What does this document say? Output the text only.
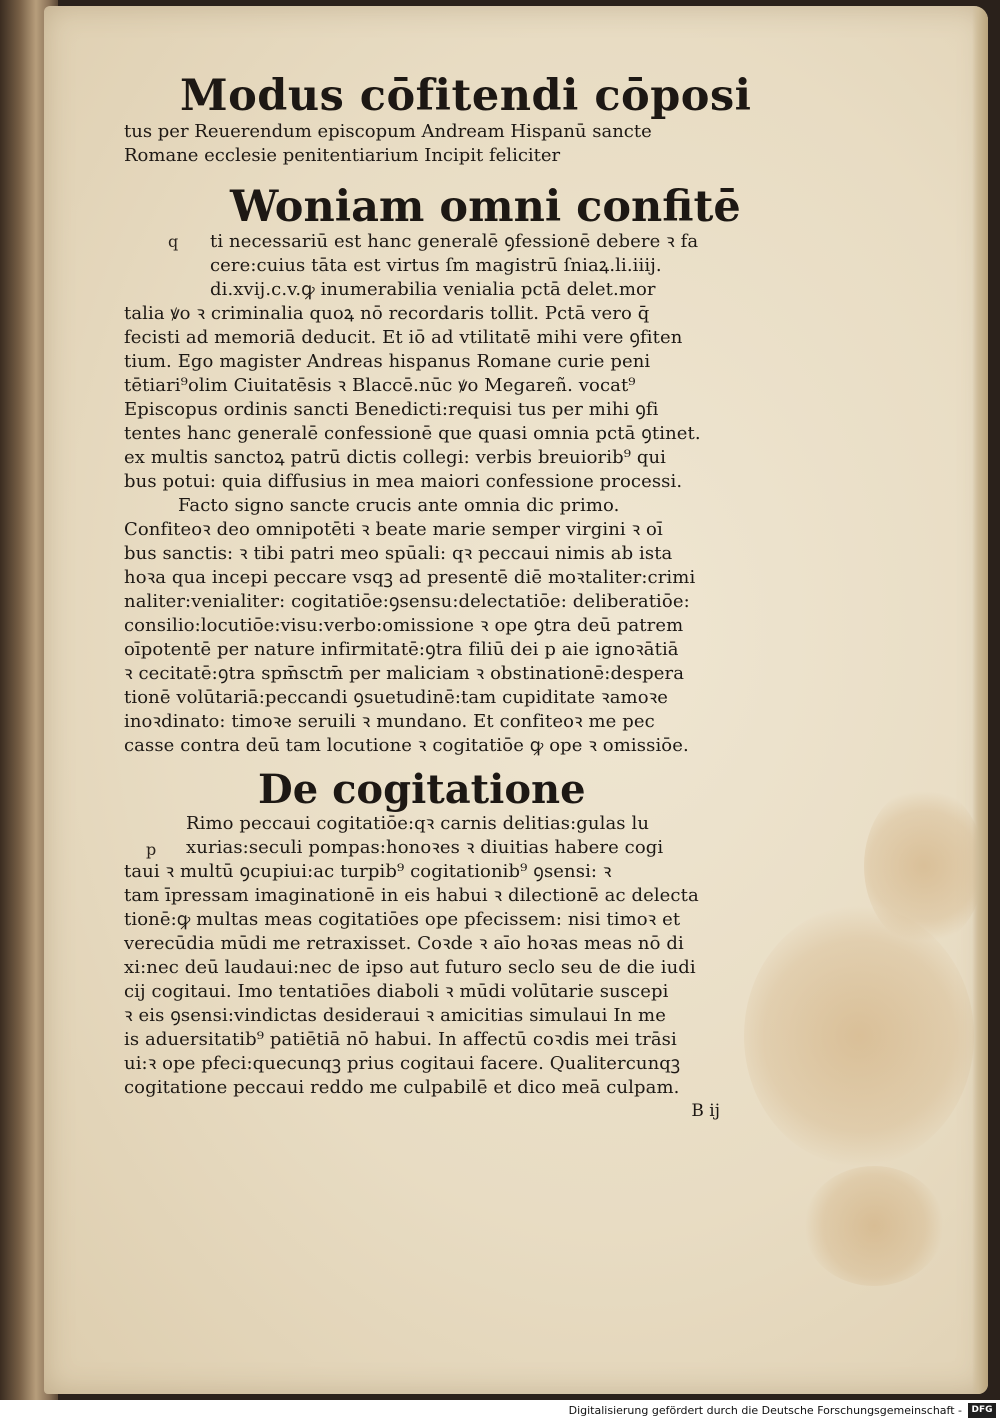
Modus cōfitendi cōposi
tus per Reuerendum episcopum Andream Hispanū sancte
Romane ecclesie penitentiarium Incipit feliciter
Woniam omni confitē
q	ti necessariū est hanc generalē ꝯfessionē debere ꝛ fa
cere:cuius tāta est virtus ſm magistrū ſniaꝝ.li.iiij.
di.xvij.c.v.ꝙ inumerabilia venialia pctā delet.mor
talia ꝟo ꝛ criminalia quoꝝ nō recordaris tollit. Pctā vero q̄
fecisti ad memoriā deducit. Et iō ad vtilitatē mihi vere ꝯfiten
tium. Ego magister Andreas hispanus Romane curie peni
tētiari⁹olim Ciuitatēsis ꝛ Blaccē.nūc ꝟo Megareñ. vocat⁹
Episcopus ordinis sancti Benedicti:requisi tus per mihi ꝯfi
tentes hanc generalē confessionē que quasi omnia pctā ꝯtinet.
ex multis sanctoꝝ patrū dictis collegi: verbis breuiorib⁹ qui
bus potui: quia diffusius in mea maiori confessione processi.
Facto signo sancte crucis ante omnia dic primo.
Confiteoꝛ deo omnipotēti ꝛ beate marie semper virgini ꝛ oī
bus sanctis: ꝛ tibi patri meo spūali: qꝛ peccaui nimis ab ista
hoꝛa qua incepi peccare vsqꝫ ad presentē diē moꝛtaliter:crimi
naliter:venialiter: cogitatiōe:ꝯsensu:delectatiōe: deliberatiōe:
consilio:locutiōe:visu:verbo:omissione ꝛ ope ꝯtra deū patrem
oīpotentē per nature infirmitatē:ꝯtra filiū dei p aie ignoꝛātiā
ꝛ cecitatē:ꝯtra spm̄sctm̄ per maliciam ꝛ obstinationē:despera
tionē volūtariā:peccandi ꝯsuetudinē:tam cupiditate ꝛamoꝛe
inoꝛdinato: timoꝛe seruili ꝛ mundano. Et confiteoꝛ me pec
casse contra deū tam locutione ꝛ cogitatiōe ꝙ ope ꝛ omissiōe.
De cogitatione
p
Rimo peccaui cogitatiōe:qꝛ carnis delitias:gulas lu
xurias:seculi pompas:honoꝛes ꝛ diuitias habere cogi
taui ꝛ multū ꝯcupiui:ac turpib⁹ cogitationib⁹ ꝯsensi: ꝛ
tam īpressam imaginationē in eis habui ꝛ dilectionē ac delecta
tionē:ꝙ multas meas cogitatiōes ope pfecissem: nisi timoꝛ et
verecūdia mūdi me retraxisset. Coꝛde ꝛ aīo hoꝛas meas nō di
xi:nec deū laudaui:nec de ipso aut futuro seclo seu de die iudi
cij cogitaui. Imo tentatiōes diaboli ꝛ mūdi volūtarie suscepi
ꝛ eis ꝯsensi:vindictas desideraui ꝛ amicitias simulaui In me
is aduersitatib⁹ patiētiā nō habui. In affectū coꝛdis mei trāsi
ui:ꝛ ope pfeci:quecunqꝫ prius cogitaui facere. Qualitercunqꝫ
cogitatione peccaui reddo me culpabilē et dico meā culpam.
B ij
Digitalisierung gefördert durch die Deutsche Forschungsgemeinschaft -	DFG
